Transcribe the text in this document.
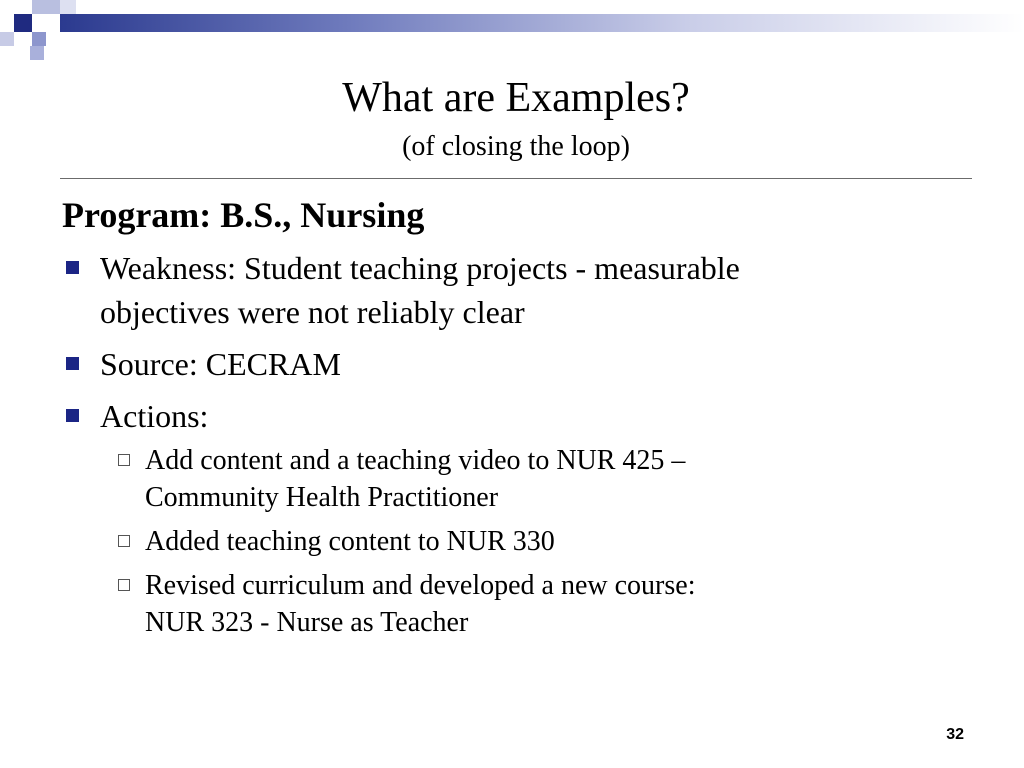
What are Examples?
(of closing the loop)
Program: B.S., Nursing
Weakness: Student teaching projects - measurable
objectives were not reliably clear
Source: CECRAM
Actions:
Add content and a teaching video to NUR 425 –
Community Health Practitioner
Added teaching content to NUR 330
Revised curriculum and developed a new course:
NUR 323 - Nurse as Teacher
32
